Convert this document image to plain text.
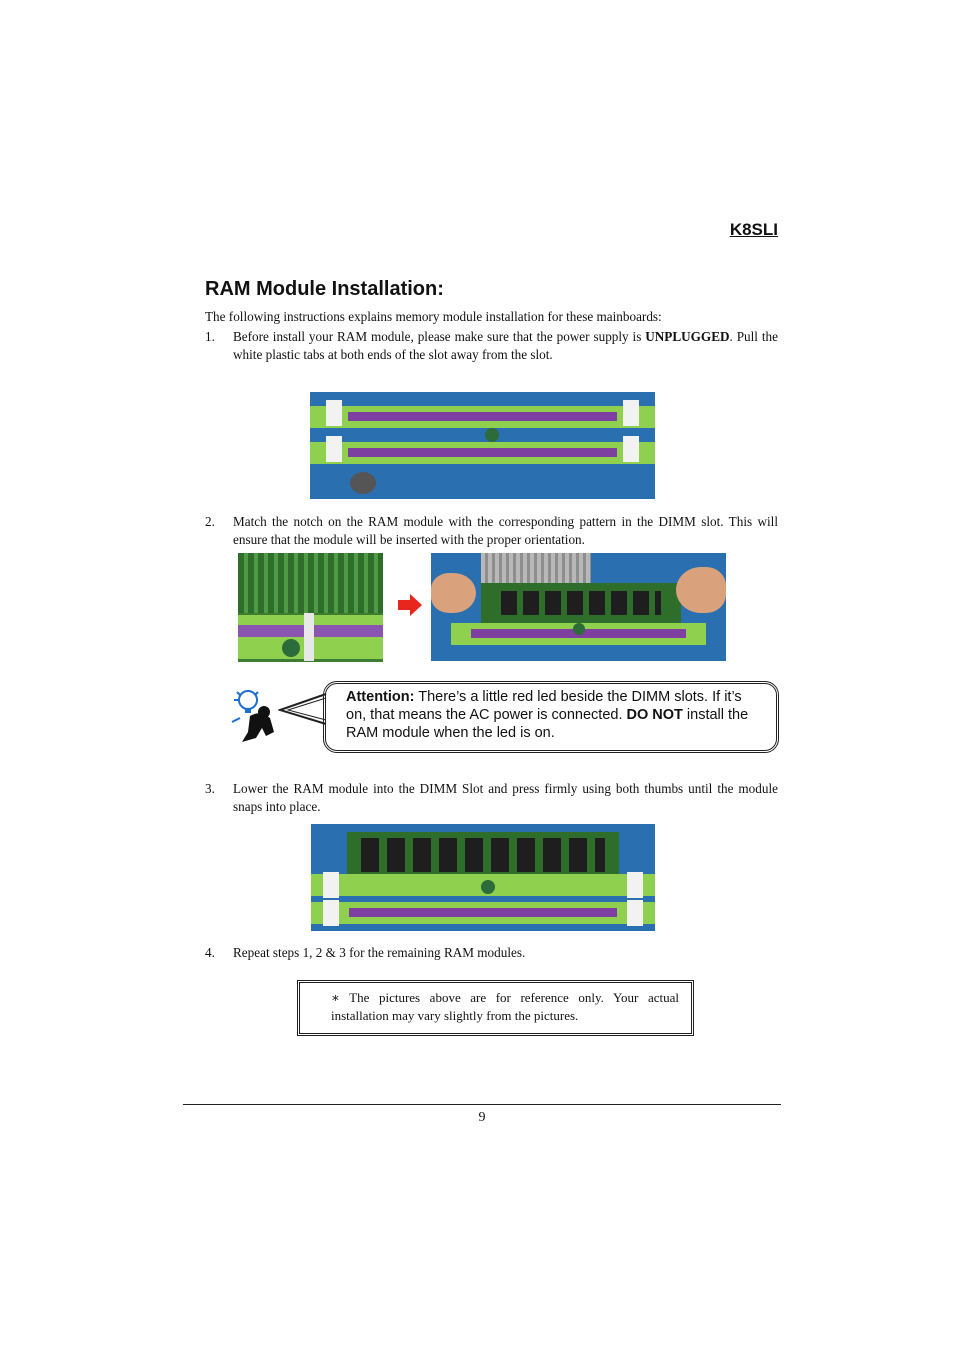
K8SLI
RAM Module Installation:
The following instructions explains memory module installation for these mainboards:
1. Before install your RAM module, please make sure that the power supply is UNPLUGGED. Pull the white plastic tabs at both ends of the slot away from the slot.
2. Match the notch on the RAM module with the corresponding pattern in the DIMM slot. This will ensure that the module will be inserted with the proper orientation.
Attention: There’s a little red led beside the DIMM slots. If it’s on, that means the AC power is connected. DO NOT install the RAM module when the led is on.
3. Lower the RAM module into the DIMM Slot and press firmly using both thumbs until the module snaps into place.
4. Repeat steps 1, 2 & 3 for the remaining RAM modules.
∗ The pictures above are for reference only. Your actual installation may vary slightly from the pictures.
9
